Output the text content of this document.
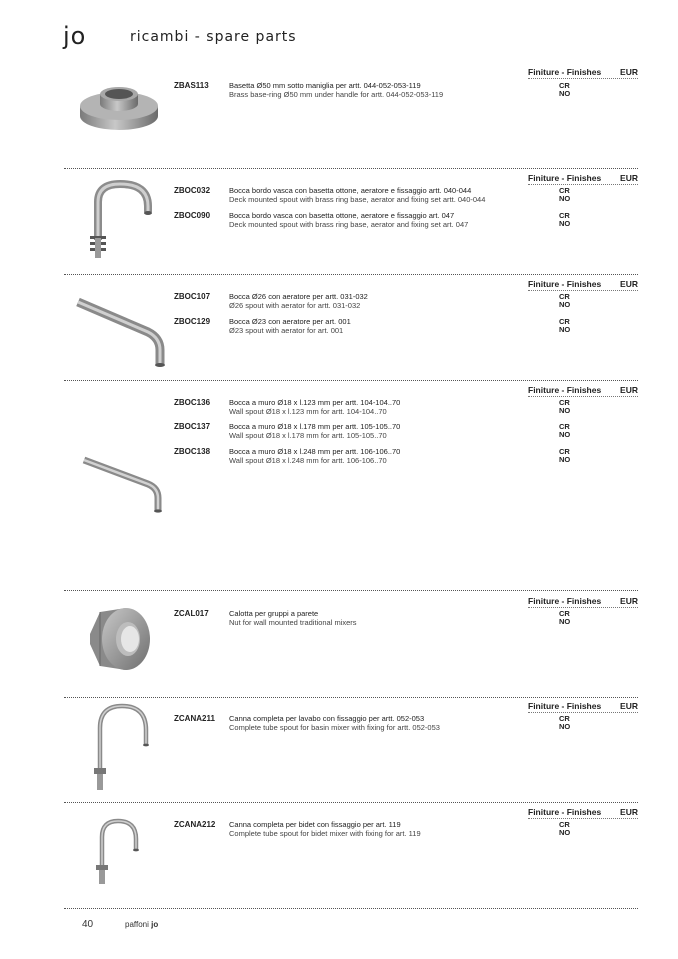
jo	ricambi - spare parts
Finiture - Finishes EUR
ZBAS113	Basetta Ø50 mm sotto maniglia per artt. 044-052-053-119
Brass base-ring Ø50 mm under handle for artt. 044-052-053-119
CR
NO
Finiture - Finishes EUR
ZBOC032	Bocca bordo vasca con basetta ottone, aeratore e fissaggio artt. 040-044
Deck mounted spout with brass ring base, aerator and fixing set artt. 040-044
CR
NO
ZBOC090	Bocca bordo vasca con basetta ottone, aeratore e fissaggio art. 047
Deck mounted spout with brass ring base, aerator and fixing set art. 047
CR
NO
Finiture - Finishes EUR
ZBOC107	Bocca Ø26 con aeratore per artt. 031-032
Ø26 spout with aerator for artt. 031-032
CR
NO
ZBOC129	Bocca Ø23 con aeratore per art. 001
Ø23 spout with aerator for art. 001
CR
NO
Finiture - Finishes EUR
ZBOC136	Bocca a muro Ø18 x l.123 mm per artt. 104-104..70
Wall spout Ø18 x l.123 mm for artt. 104-104..70
CR
NO
ZBOC137	Bocca a muro Ø18 x l.178 mm per artt. 105-105..70
Wall spout Ø18 x l.178 mm for artt. 105-105..70
CR
NO
ZBOC138	Bocca a muro Ø18 x l.248 mm per artt. 106-106..70
Wall spout Ø18 x l.248 mm for artt. 106-106..70
CR
NO
Finiture - Finishes EUR
ZCAL017	Calotta per gruppi a parete
Nut for wall mounted traditional mixers
CR
NO
Finiture - Finishes EUR
ZCANA211 Canna completa per lavabo con fissaggio per artt. 052-053
Complete tube spout for basin mixer with fixing for artt. 052-053
CR
NO
Finiture - Finishes EUR
ZCANA212 Canna completa per bidet con fissaggio per art. 119
Complete tube spout for bidet mixer with fixing for art. 119
CR
NO
40	paffoni jo
